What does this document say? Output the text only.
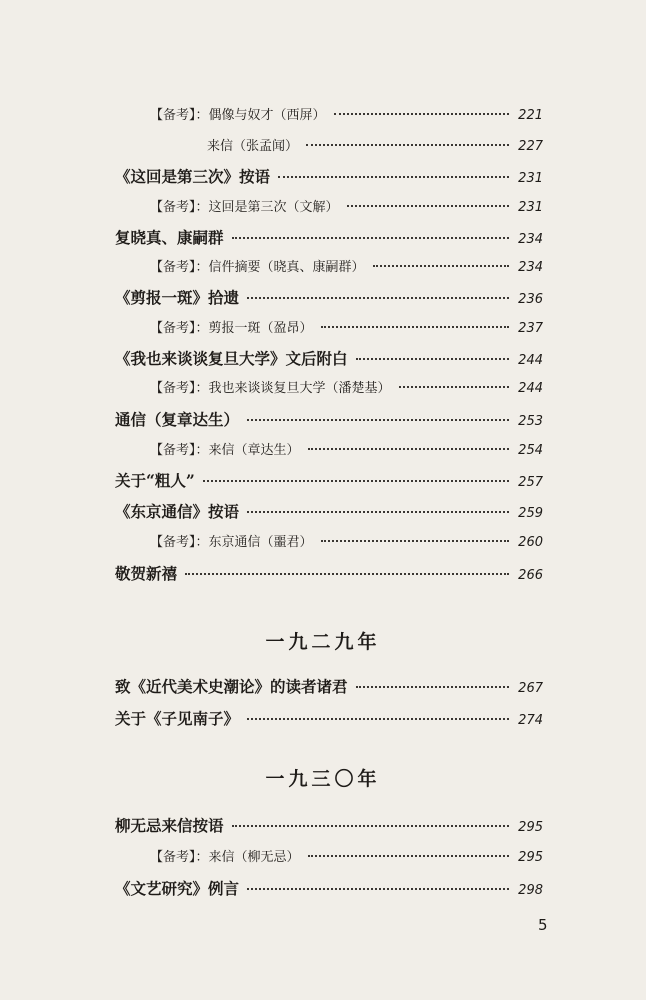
【备考】：偶像与奴才（西屏）	221
来信（张孟闻）	227
《这回是第三次》按语	231
【备考】：这回是第三次（文解）	231
复晓真、康嗣群	234
【备考】：信件摘要（晓真、康嗣群）	234
《剪报一斑》拾遗	236
【备考】：剪报一斑（盈昂）	237
《我也来谈谈复旦大学》文后附白	244
【备考】：我也来谈谈复旦大学（潘楚基）	244
通信（复章达生）	253
【备考】：来信（章达生）	254
关于“粗人”	257
《东京通信》按语	259
【备考】：东京通信（噩君）	260
敬贺新禧	266
一九二九年
致《近代美术史潮论》的读者诸君	267
关于《子见南子》	274
一九三〇年
柳无忌来信按语	295
【备考】：来信（柳无忌）	295
《文艺研究》例言	298
5
